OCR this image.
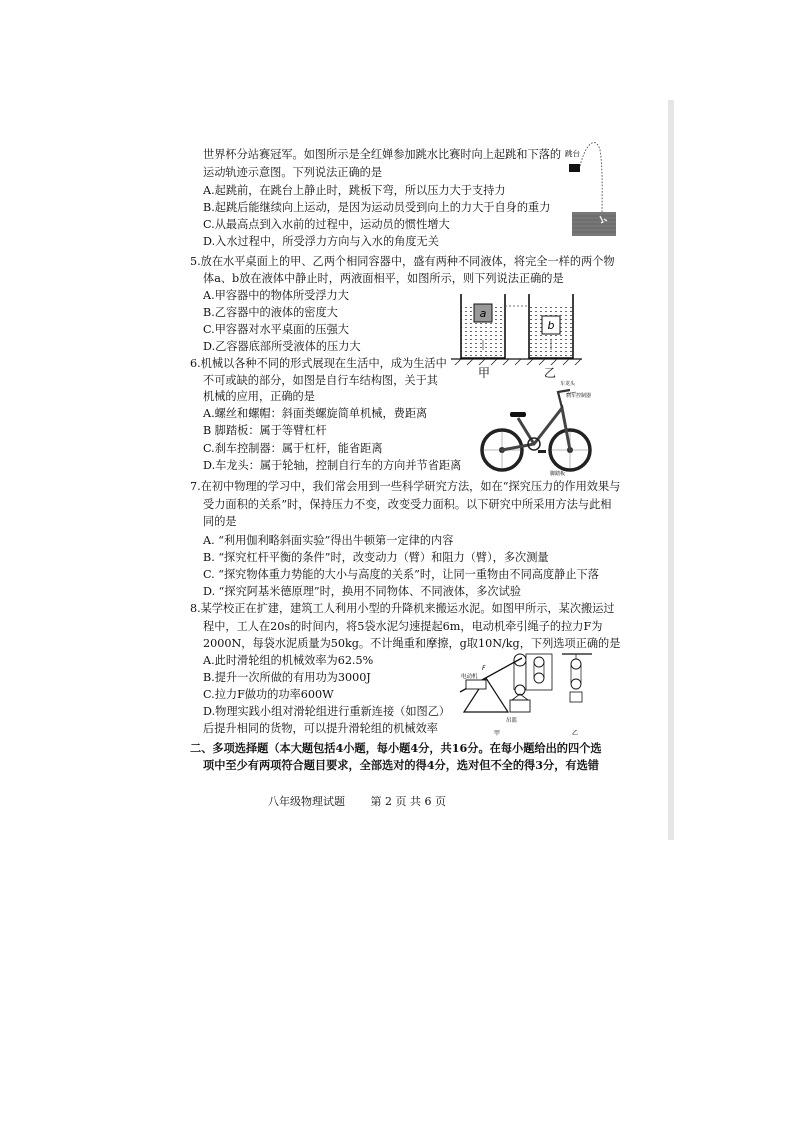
世界杯分站赛冠军。如图所示是全红婵参加跳水比赛时向上起跳和下落的
运动轨迹示意图。下列说法正确的是
A.起跳前，在跳台上静止时，跳板下弯，所以压力大于支持力
B.起跳后能继续向上运动，是因为运动员受到向上的力大于自身的重力
C.从最高点到入水前的过程中，运动员的惯性增大
D.入水过程中，所受浮力方向与入水的角度无关
跳台
5.放在水平桌面上的甲、乙两个相同容器中，盛有两种不同液体，将完全一样的两个物
体a、b放在液体中静止时，两液面相平，如图所示，则下列说法正确的是
A.甲容器中的物体所受浮力大
B.乙容器中的液体的密度大
C.甲容器对水平桌面的压强大
D.乙容器底部所受液体的压力大
a
b
甲	乙
6.机械以各种不同的形式展现在生活中，成为生活中
不可或缺的部分，如图是自行车结构图，关于其
机械的应用，正确的是
A.螺丝和螺帽：斜面类螺旋简单机械，费距离
B 脚踏板：属于等臂杠杆
C.刹车控制器：属于杠杆，能省距离
D.车龙头：属于轮轴，控制自行车的方向并节省距离
车龙头
刹车控制器
脚踏板
7.在初中物理的学习中，我们常会用到一些科学研究方法，如在“探究压力的作用效果与
受力面积的关系”时，保持压力不变，改变受力面积。以下研究中所采用方法与此相
同的是
A. “利用伽利略斜面实验”得出牛顿第一定律的内容
B. “探究杠杆平衡的条件”时，改变动力（臂）和阻力（臂），多次测量
C. “探究物体重力势能的大小与高度的关系”时，让同一重物由不同高度静止下落
D. “探究阿基米德原理”时，换用不同物体、不同液体，多次试验
8.某学校正在扩建，建筑工人利用小型的升降机来搬运水泥。如图甲所示，某次搬运过
程中，工人在20s的时间内，将5袋水泥匀速提起6m，电动机牵引绳子的拉力F为
2000N，每袋水泥质量为50kg。不计绳重和摩擦，g取10N/kg，下列选项正确的是
A.此时滑轮组的机械效率为62.5%
B.提升一次所做的有用功为3000J
C.拉力F做功的功率600W
D.物理实践小组对滑轮组进行重新连接（如图乙）
后提升相同的货物，可以提升滑轮组的机械效率
电动机
F
吊篮
甲	乙
二、多项选择题（本大题包括4小题，每小题4分，共16分。在每小题给出的四个选
项中至少有两项符合题目要求，全部选对的得4分，选对但不全的得3分，有选错
八年级物理试题 第 2 页 共 6 页
